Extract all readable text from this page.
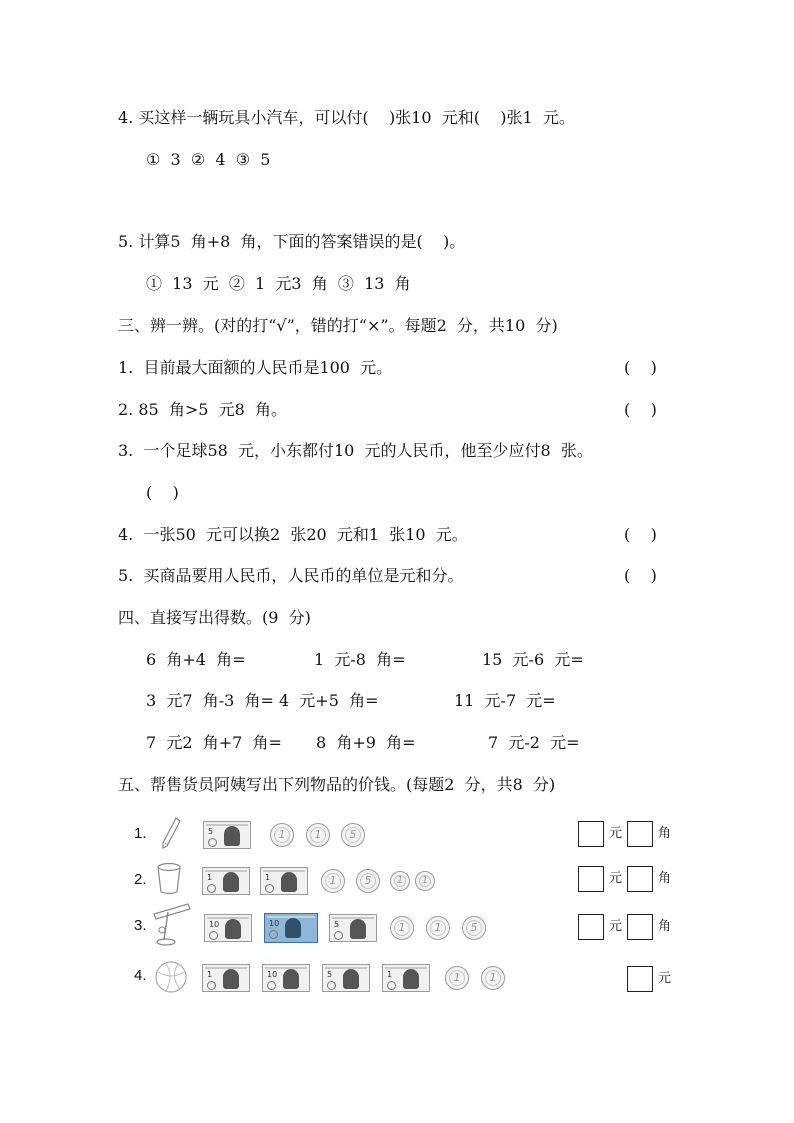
4. 买这样一辆玩具小汽车，可以付(    )张10  元和(    )张1  元。
①  3  ②  4  ③  5
5. 计算5  角+8  角，下面的答案错误的是(    )。
①  13  元  ②  1  元3  角  ③  13  角
三、辨一辨。(对的打“√”，错的打“×”。每题2  分，共10  分)
1.  目前最大面额的人民币是100  元。	(    )
2. 85  角>5  元8  角。	(    )
3.  一个足球58  元，小东都付10  元的人民币，他至少应付8  张。
(    )
4.  一张50  元可以换2  张20  元和1  张10  元。	(    )
5.  买商品要用人民币，人民币的单位是元和分。	(    )
四、直接写出得数。(9  分)
6  角+4  角=	1  元-8  角=	15  元-6  元=
3  元7  角-3  角= 4  元+5  角=	11  元-7  元=
7  元2  角+7  角= 8  角+9  角=	7  元-2  元=
五、帮售货员阿姨写出下列物品的价钱。(每题2  分，共8  分)
1.	5	1	1	5	元	角
2.	1	1	1	5	1	1	元	角
3.	10	10	5	1	1	5	元	角
4.	1	10	5	1	1	1	元
